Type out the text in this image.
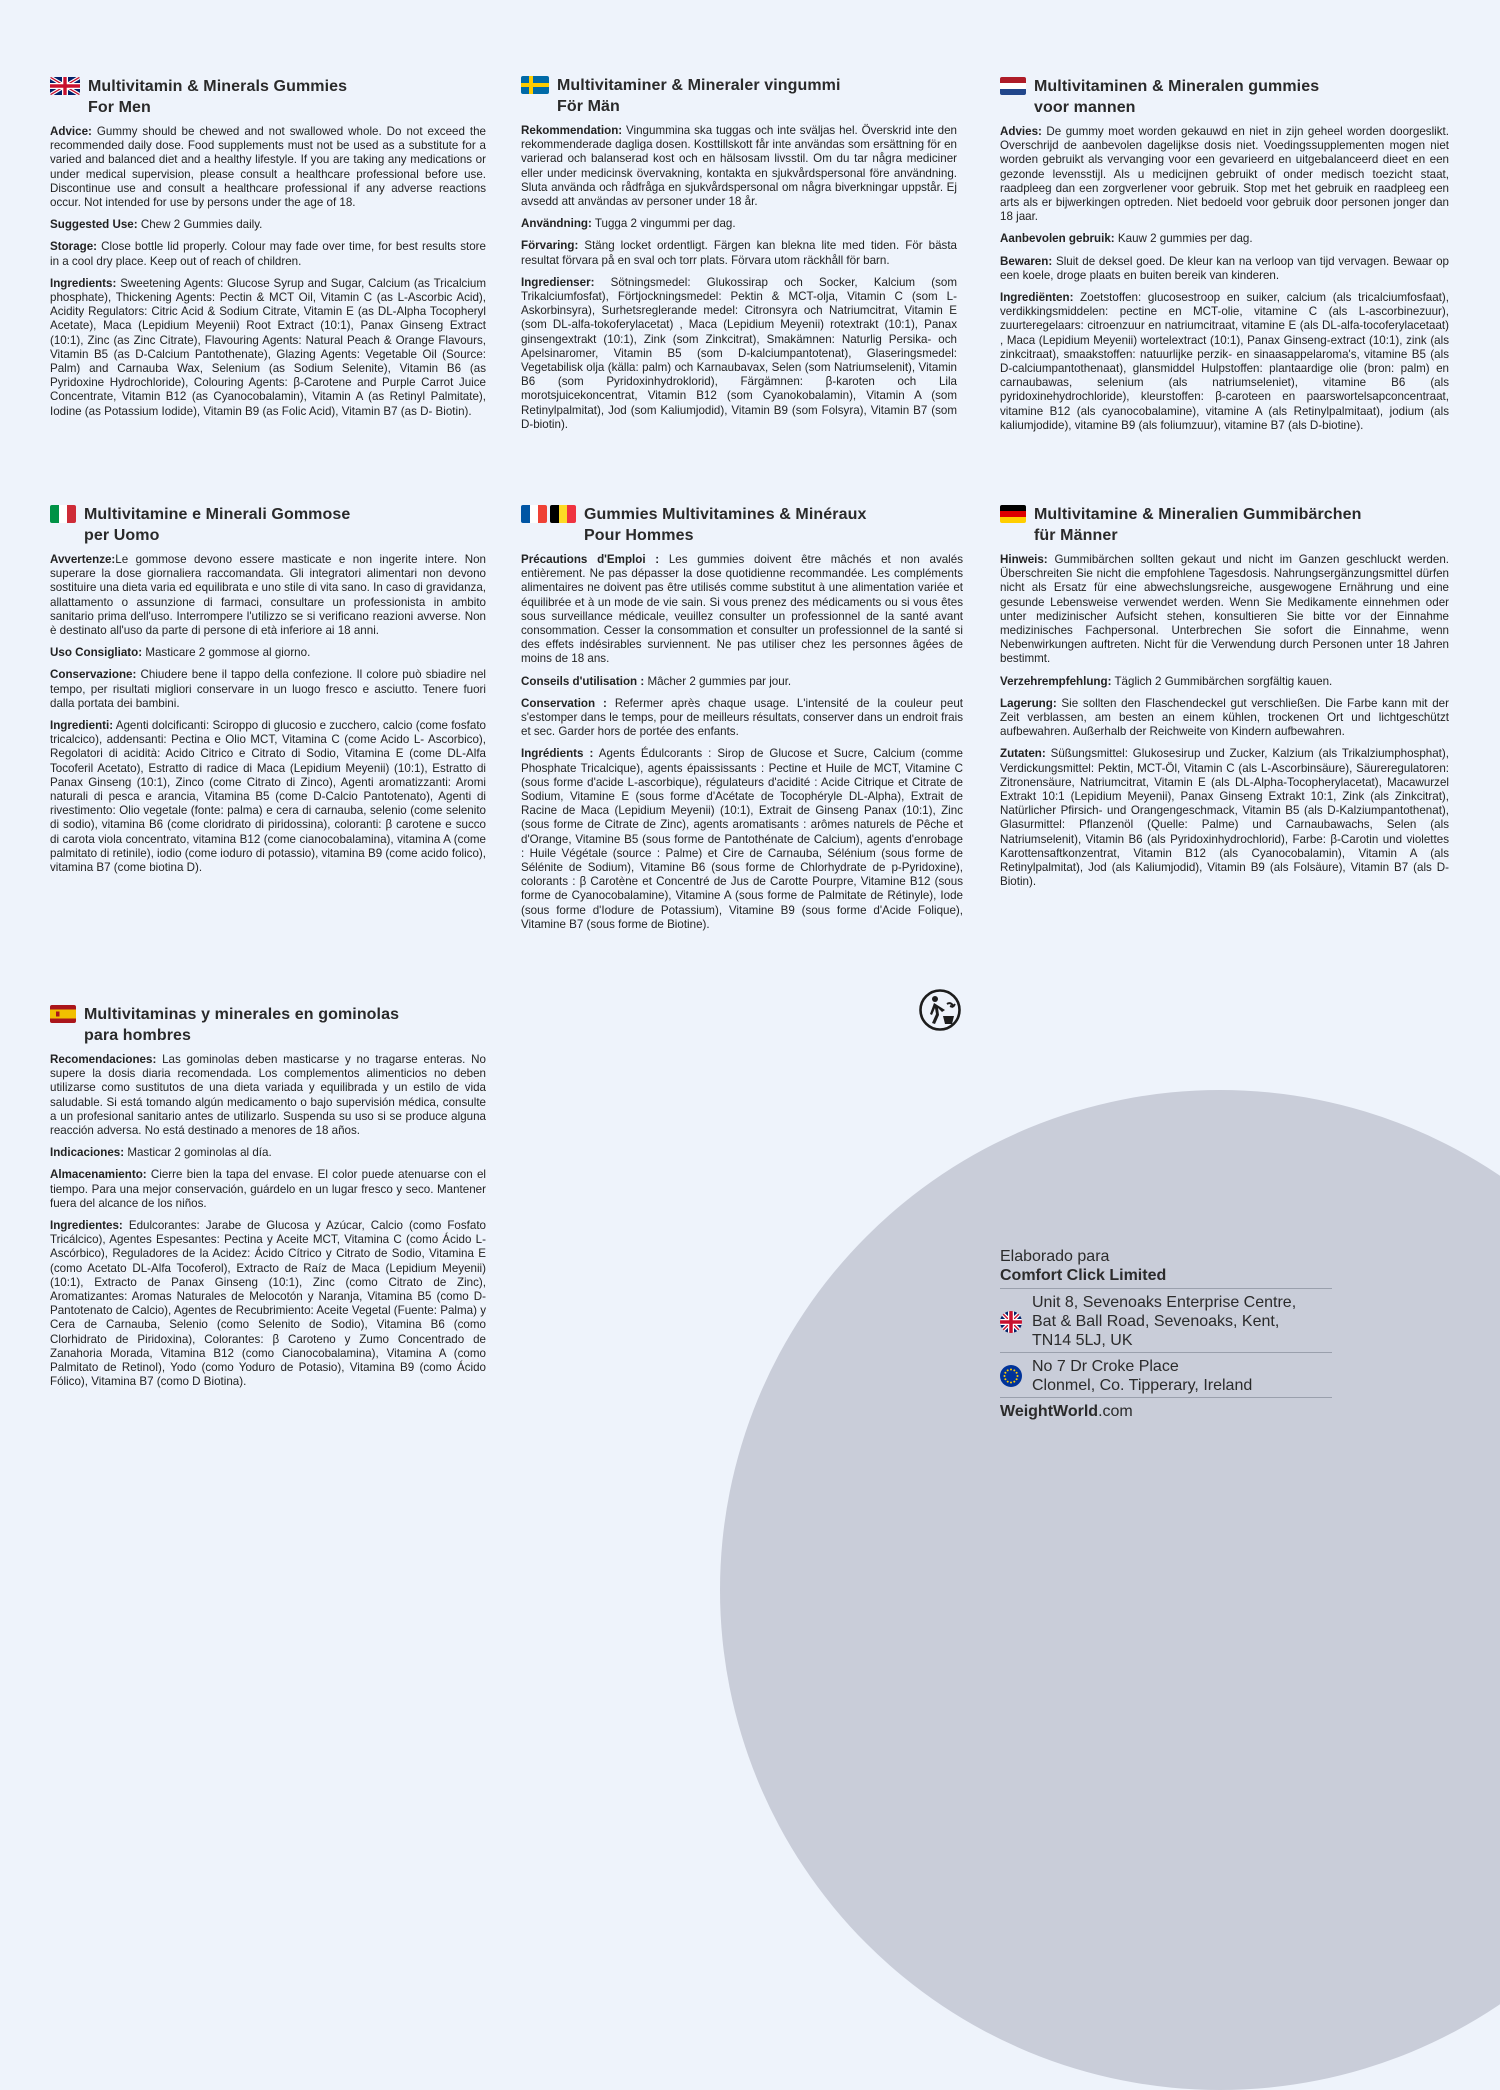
Multivitamin & Minerals Gummies
For Men

Advice: Gummy should be chewed and not swallowed whole. Do not exceed the recommended daily dose. Food supplements must not be used as a substitute for a varied and balanced diet and a healthy lifestyle. If you are taking any medications or under medical supervision, please consult a healthcare professional before use. Discontinue use and consult a healthcare professional if any adverse reactions occur. Not intended for use by persons under the age of 18.

Suggested Use: Chew 2 Gummies daily.

Storage: Close bottle lid properly. Colour may fade over time, for best results store in a cool dry place. Keep out of reach of children.

Ingredients: Sweetening Agents: Glucose Syrup and Sugar, Calcium (as Tricalcium phosphate), Thickening Agents: Pectin & MCT Oil, Vitamin C (as L-Ascorbic Acid), Acidity Regulators: Citric Acid & Sodium Citrate, Vitamin E (as DL-Alpha Tocopheryl Acetate), Maca (Lepidium Meyenii) Root Extract (10:1), Panax Ginseng Extract (10:1), Zinc (as Zinc Citrate), Flavouring Agents: Natural Peach & Orange Flavours, Vitamin B5 (as D-Calcium Pantothenate), Glazing Agents: Vegetable Oil (Source: Palm) and Carnauba Wax, Selenium (as Sodium Selenite), Vitamin B6 (as Pyridoxine Hydrochloride), Colouring Agents: β-Carotene and Purple Carrot Juice Concentrate, Vitamin B12 (as Cyanocobalamin), Vitamin A (as Retinyl Palmitate), Iodine (as Potassium Iodide), Vitamin B9 (as Folic Acid), Vitamin B7 (as D- Biotin).

Multivitaminer & Mineraler vingummi
För Män

Rekommendation: Vingummina ska tuggas och inte sväljas hel. Överskrid inte den rekommenderade dagliga dosen. Kosttillskott får inte användas som ersättning för en varierad och balanserad kost och en hälsosam livsstil. Om du tar några mediciner eller under medicinsk övervakning, kontakta en sjukvårdspersonal före användning. Sluta använda och rådfråga en sjukvårdspersonal om några biverkningar uppstår. Ej avsedd att användas av personer under 18 år.

Användning: Tugga 2 vingummi per dag.

Förvaring: Stäng locket ordentligt. Färgen kan blekna lite med tiden. För bästa resultat förvara på en sval och torr plats. Förvara utom räckhåll för barn.

Ingredienser: Sötningsmedel: Glukossirap och Socker, Kalcium (som Trikalciumfosfat), Förtjockningsmedel: Pektin & MCT-olja, Vitamin C (som L-Askorbinsyra), Surhetsreglerande medel: Citronsyra och Natriumcitrat, Vitamin E (som DL-alfa-tokoferylacetat) , Maca (Lepidium Meyenii) rotextrakt (10:1), Panax ginsengextrakt (10:1), Zink (som Zinkcitrat), Smakämnen: Naturlig Persika- och Apelsinaromer, Vitamin B5 (som D-kalciumpantotenat), Glaseringsmedel: Vegetabilisk olja (källa: palm) och Karnaubavax, Selen (som Natriumselenit), Vitamin B6 (som Pyridoxinhydroklorid), Färgämnen: β-karoten och Lila morotsjuicekoncentrat, Vitamin B12 (som Cyanokobalamin), Vitamin A (som Retinylpalmitat), Jod (som Kaliumjodid), Vitamin B9 (som Folsyra), Vitamin B7 (som D-biotin).

Multivitaminen & Mineralen gummies
voor mannen

Advies: De gummy moet worden gekauwd en niet in zijn geheel worden doorgeslikt. Overschrijd de aanbevolen dagelijkse dosis niet. Voedingssupplementen mogen niet worden gebruikt als vervanging voor een gevarieerd en uitgebalanceerd dieet en een gezonde levensstijl. Als u medicijnen gebruikt of onder medisch toezicht staat, raadpleeg dan een zorgverlener voor gebruik. Stop met het gebruik en raadpleeg een arts als er bijwerkingen optreden. Niet bedoeld voor gebruik door personen jonger dan 18 jaar.

Aanbevolen gebruik: Kauw 2 gummies per dag.

Bewaren: Sluit de deksel goed. De kleur kan na verloop van tijd vervagen. Bewaar op een koele, droge plaats en buiten bereik van kinderen.

Ingrediënten: Zoetstoffen: glucosestroop en suiker, calcium (als tricalciumfosfaat), verdikkingsmiddelen: pectine en MCT-olie, vitamine C (als L-ascorbinezuur), zuurteregelaars: citroenzuur en natriumcitraat, vitamine E (als DL-alfa-tocoferylacetaat) , Maca (Lepidium Meyenii) wortelextract (10:1), Panax Ginseng-extract (10:1), zink (als zinkcitraat), smaakstoffen: natuurlijke perzik- en sinaasappelaroma's, vitamine B5 (als D-calciumpantothenaat), glansmiddel Hulpstoffen: plantaardige olie (bron: palm) en carnaubawas, selenium (als natriumseleniet), vitamine B6 (als pyridoxinehydrochloride), kleurstoffen: β-caroteen en paarswortelsapconcentraat, vitamine B12 (als cyanocobalamine), vitamine A (als Retinylpalmitaat), jodium (als kaliumjodide), vitamine B9 (als foliumzuur), vitamine B7 (als D-biotine).

Multivitamine e Minerali Gommose
per Uomo

Avvertenze:Le gommose devono essere masticate e non ingerite intere. Non superare la dose giornaliera raccomandata. Gli integratori alimentari non devono sostituire una dieta varia ed equilibrata e uno stile di vita sano. In caso di gravidanza, allattamento o assunzione di farmaci, consultare un professionista in ambito sanitario prima dell'uso. Interrompere l'utilizzo se si verificano reazioni avverse. Non è destinato all'uso da parte di persone di età inferiore ai 18 anni.

Uso Consigliato: Masticare 2 gommose al giorno.

Conservazione: Chiudere bene il tappo della confezione. Il colore può sbiadire nel tempo, per risultati migliori conservare in un luogo fresco e asciutto. Tenere fuori dalla portata dei bambini.

Ingredienti: Agenti dolcificanti: Sciroppo di glucosio e zucchero, calcio (come fosfato tricalcico), addensanti: Pectina e Olio MCT, Vitamina C (come Acido L- Ascorbico), Regolatori di acidità: Acido Citrico e Citrato di Sodio, Vitamina E (come DL-Alfa Tocoferil Acetato), Estratto di radice di Maca (Lepidium Meyenii) (10:1), Estratto di Panax Ginseng (10:1), Zinco (come Citrato di Zinco), Agenti aromatizzanti: Aromi naturali di pesca e arancia, Vitamina B5 (come D-Calcio Pantotenato), Agenti di rivestimento: Olio vegetale (fonte: palma) e cera di carnauba, selenio (come selenito di sodio), vitamina B6 (come cloridrato di piridossina), coloranti: β carotene e succo di carota viola concentrato, vitamina B12 (come cianocobalamina), vitamina A (come palmitato di retinile), iodio (come ioduro di potassio), vitamina B9 (come acido folico), vitamina B7 (come biotina D).

Gummies Multivitamines & Minéraux
Pour Hommes

Précautions d'Emploi : Les gummies doivent être mâchés et non avalés entièrement. Ne pas dépasser la dose quotidienne recommandée. Les compléments alimentaires ne doivent pas être utilisés comme substitut à une alimentation variée et équilibrée et à un mode de vie sain. Si vous prenez des médicaments ou si vous êtes sous surveillance médicale, veuillez consulter un professionnel de la santé avant consommation. Cesser la consommation et consulter un professionnel de la santé si des effets indésirables surviennent. Ne pas utiliser chez les personnes âgées de moins de 18 ans.

Conseils d'utilisation : Mâcher 2 gummies par jour.

Conservation : Refermer après chaque usage. L'intensité de la couleur peut s'estomper dans le temps, pour de meilleurs résultats, conserver dans un endroit frais et sec. Garder hors de portée des enfants.

Ingrédients : Agents Édulcorants : Sirop de Glucose et Sucre, Calcium (comme Phosphate Tricalcique), agents épaississants : Pectine et Huile de MCT, Vitamine C (sous forme d'acide L-ascorbique), régulateurs d'acidité : Acide Citrique et Citrate de Sodium, Vitamine E (sous forme d'Acétate de Tocophéryle DL-Alpha), Extrait de Racine de Maca (Lepidium Meyenii) (10:1), Extrait de Ginseng Panax (10:1), Zinc (sous forme de Citrate de Zinc), agents aromatisants : arômes naturels de Pêche et d'Orange, Vitamine B5 (sous forme de Pantothénate de Calcium), agents d'enrobage : Huile Végétale (source : Palme) et Cire de Carnauba, Sélénium (sous forme de Sélénite de Sodium), Vitamine B6 (sous forme de Chlorhydrate de p-Pyridoxine), colorants : β Carotène et Concentré de Jus de Carotte Pourpre, Vitamine B12 (sous forme de Cyanocobalamine), Vitamine A (sous forme de Palmitate de Rétinyle), Iode (sous forme d'Iodure de Potassium), Vitamine B9 (sous forme d'Acide Folique), Vitamine B7 (sous forme de Biotine).

Multivitamine & Mineralien Gummibärchen
für Männer

Hinweis: Gummibärchen sollten gekaut und nicht im Ganzen geschluckt werden. Überschreiten Sie nicht die empfohlene Tagesdosis. Nahrungsergänzungsmittel dürfen nicht als Ersatz für eine abwechslungsreiche, ausgewogene Ernährung und eine gesunde Lebensweise verwendet werden. Wenn Sie Medikamente einnehmen oder unter medizinischer Aufsicht stehen, konsultieren Sie bitte vor der Einnahme medizinisches Fachpersonal. Unterbrechen Sie sofort die Einnahme, wenn Nebenwirkungen auftreten. Nicht für die Verwendung durch Personen unter 18 Jahren bestimmt.

Verzehrempfehlung: Täglich 2 Gummibärchen sorgfältig kauen.

Lagerung: Sie sollten den Flaschendeckel gut verschließen. Die Farbe kann mit der Zeit verblassen, am besten an einem kühlen, trockenen Ort und lichtgeschützt aufbewahren. Außerhalb der Reichweite von Kindern aufbewahren.

Zutaten: Süßungsmittel: Glukosesirup und Zucker, Kalzium (als Trikalziumphosphat), Verdickungsmittel: Pektin, MCT-Öl, Vitamin C (als L-Ascorbinsäure), Säureregulatoren: Zitronensäure, Natriumcitrat, Vitamin E (als DL-Alpha-Tocopherylacetat), Macawurzel Extrakt 10:1 (Lepidium Meyenii), Panax Ginseng Extrakt 10:1, Zink (als Zinkcitrat), Natürlicher Pfirsich- und Orangengeschmack, Vitamin B5 (als D-Kalziumpantothenat), Glasurmittel: Pflanzenöl (Quelle: Palme) und Carnaubawachs, Selen (als Natriumselenit), Vitamin B6 (als Pyridoxinhydrochlorid), Farbe: β-Carotin und violettes Karottensaftkonzentrat, Vitamin B12 (als Cyanocobalamin), Vitamin A (als Retinylpalmitat), Jod (als Kaliumjodid), Vitamin B9 (als Folsäure), Vitamin B7 (als D-Biotin).

Multivitaminas y minerales en gominolas
para hombres

Recomendaciones: Las gominolas deben masticarse y no tragarse enteras. No supere la dosis diaria recomendada. Los complementos alimenticios no deben utilizarse como sustitutos de una dieta variada y equilibrada y un estilo de vida saludable. Si está tomando algún medicamento o bajo supervisión médica, consulte a un profesional sanitario antes de utilizarlo. Suspenda su uso si se produce alguna reacción adversa. No está destinado a menores de 18 años.

Indicaciones: Masticar 2 gominolas al día.

Almacenamiento: Cierre bien la tapa del envase. El color puede atenuarse con el tiempo. Para una mejor conservación, guárdelo en un lugar fresco y seco. Mantener fuera del alcance de los niños.

Ingredientes: Edulcorantes: Jarabe de Glucosa y Azúcar, Calcio (como Fosfato Tricálcico), Agentes Espesantes: Pectina y Aceite MCT, Vitamina C (como Ácido L-Ascórbico), Reguladores de la Acidez: Ácido Cítrico y Citrato de Sodio, Vitamina E (como Acetato DL-Alfa Tocoferol), Extracto de Raíz de Maca (Lepidium Meyenii) (10:1), Extracto de Panax Ginseng (10:1), Zinc (como Citrato de Zinc), Aromatizantes: Aromas Naturales de Melocotón y Naranja, Vitamina B5 (como D-Pantotenato de Calcio), Agentes de Recubrimiento: Aceite Vegetal (Fuente: Palma) y Cera de Carnauba, Selenio (como Selenito de Sodio), Vitamina B6 (como Clorhidrato de Piridoxina), Colorantes: β Caroteno y Zumo Concentrado de Zanahoria Morada, Vitamina B12 (como Cianocobalamina), Vitamina A (como Palmitato de Retinol), Yodo (como Yoduro de Potasio), Vitamina B9 (como Ácido Fólico), Vitamina B7 (como D Biotina).

Elaborado para
Comfort Click Limited
Unit 8, Sevenoaks Enterprise Centre,
Bat & Ball Road, Sevenoaks, Kent,
TN14 5LJ, UK
No 7 Dr Croke Place
Clonmel, Co. Tipperary, Ireland
WeightWorld.com
